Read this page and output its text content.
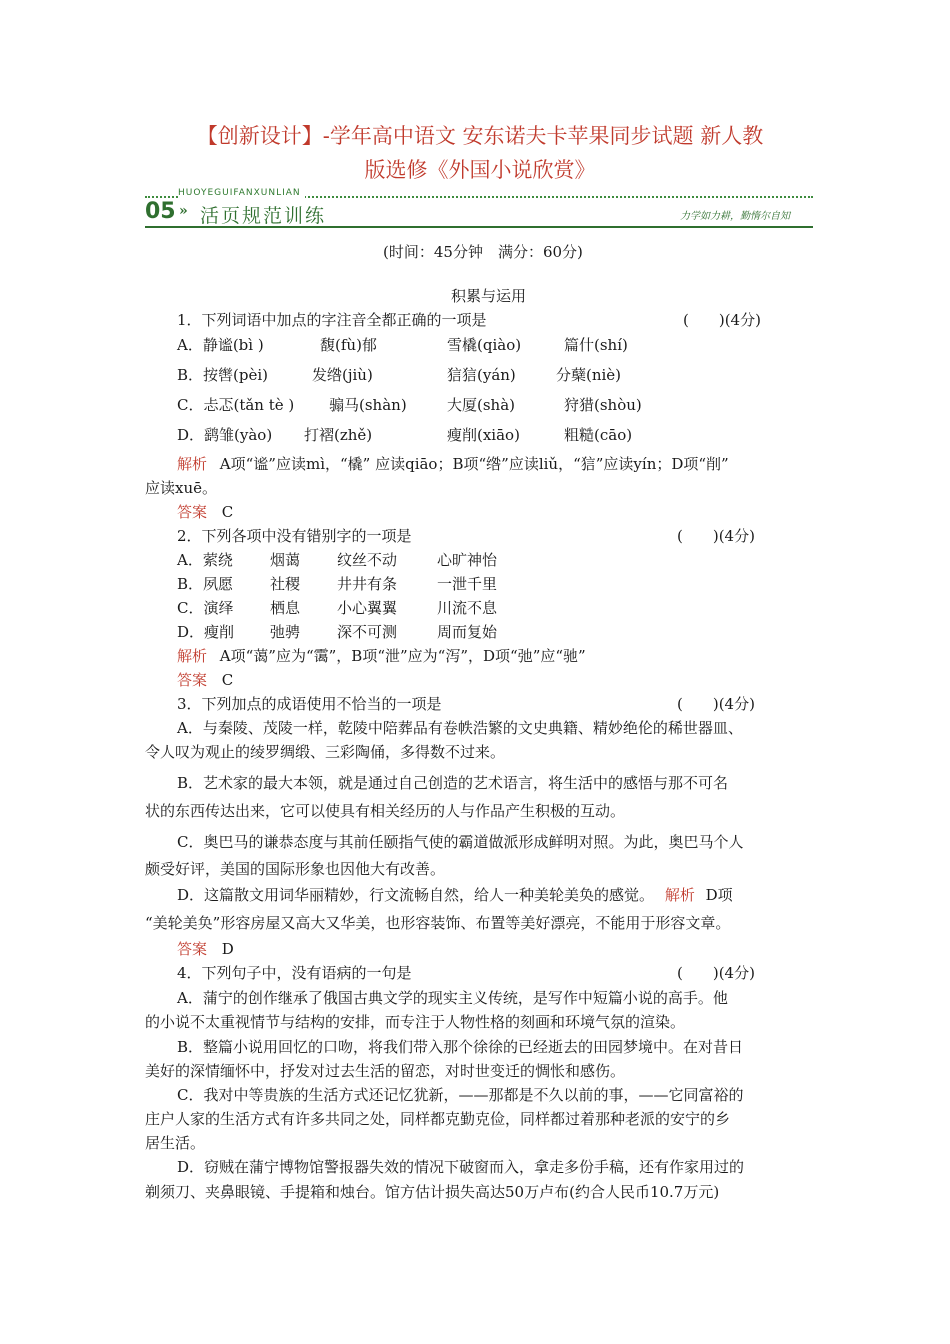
【创新设计】-学年高中语文 安东诺夫卡苹果同步试题 新人教
版选修《外国小说欣赏》
HUOYEGUIFANXUNLIAN
05 » 活页规范训练	力学如力耕，勤惰尔自知
(时间：45分钟　满分：60分)
积累与运用
1．下列词语中加点的字注音全都正确的一项是	(　　)(4分)
A．静谧(bì )	馥(fù)郁	雪橇(qiào)	篇什(shí)
B．按辔(pèi)	发绺(jiù)	狺狺(yán)	分蘖(niè)
C．忐忑(tǎn tè ) 骟马(shàn)	大厦(shà)	狩猎(shòu)
D．鹞雏(yào) 打褶(zhě)	瘦削(xiāo)	粗糙(cāo)
解析 A项“谧”应读mì，“橇” 应读qiāo；B项“绺”应读liǔ，“狺”应读yín；D项“削”
应读xuē。
答案 C
2．下列各项中没有错别字的一项是	(　　)(4分)
A．萦绕 烟蔼 纹丝不动	心旷神怡
B．夙愿 社稷 井井有条	一泄千里
C．演绎 栖息 小心翼翼	川流不息
D．瘦削 弛骋 深不可测	周而复始
解析 A项“蔼”应为“霭”，B项“泄”应为“泻”，D项“弛”应“驰”
答案 C
3．下列加点的成语使用不恰当的一项是	(　　)(4分)
A．与秦陵、茂陵一样，乾陵中陪葬品有卷帙浩繁的文史典籍、精妙绝伦的稀世器皿、
令人叹为观止的绫罗绸缎、三彩陶俑，多得数不过来。
B．艺术家的最大本领，就是通过自己创造的艺术语言，将生活中的感悟与那不可名
状的东西传达出来，它可以使具有相关经历的人与作品产生积极的互动。
C．奥巴马的谦恭态度与其前任颐指气使的霸道做派形成鲜明对照。为此，奥巴马个人
颇受好评，美国的国际形象也因他大有改善。
D．这篇散文用词华丽精妙，行文流畅自然，给人一种美轮美奂的感觉。 解析 D项
“美轮美奂”形容房屋又高大又华美，也形容装饰、布置等美好漂亮，不能用于形容文章。
答案 D
4．下列句子中，没有语病的一句是	(　　)(4分)
A．蒲宁的创作继承了俄国古典文学的现实主义传统，是写作中短篇小说的高手。他
的小说不太重视情节与结构的安排，而专注于人物性格的刻画和环境气氛的渲染。
B．整篇小说用回忆的口吻，将我们带入那个徐徐的已经逝去的田园梦境中。在对昔日
美好的深情缅怀中，抒发对过去生活的留恋，对时世变迁的惆怅和感伤。
C．我对中等贵族的生活方式还记忆犹新，——那都是不久以前的事，——它同富裕的
庄户人家的生活方式有许多共同之处，同样都克勤克俭，同样都过着那种老派的安宁的乡
居生活。
D．窃贼在蒲宁博物馆警报器失效的情况下破窗而入，拿走多份手稿，还有作家用过的
剃须刀、夹鼻眼镜、手提箱和烛台。馆方估计损失高达50万卢布(约合人民币10.7万元)
